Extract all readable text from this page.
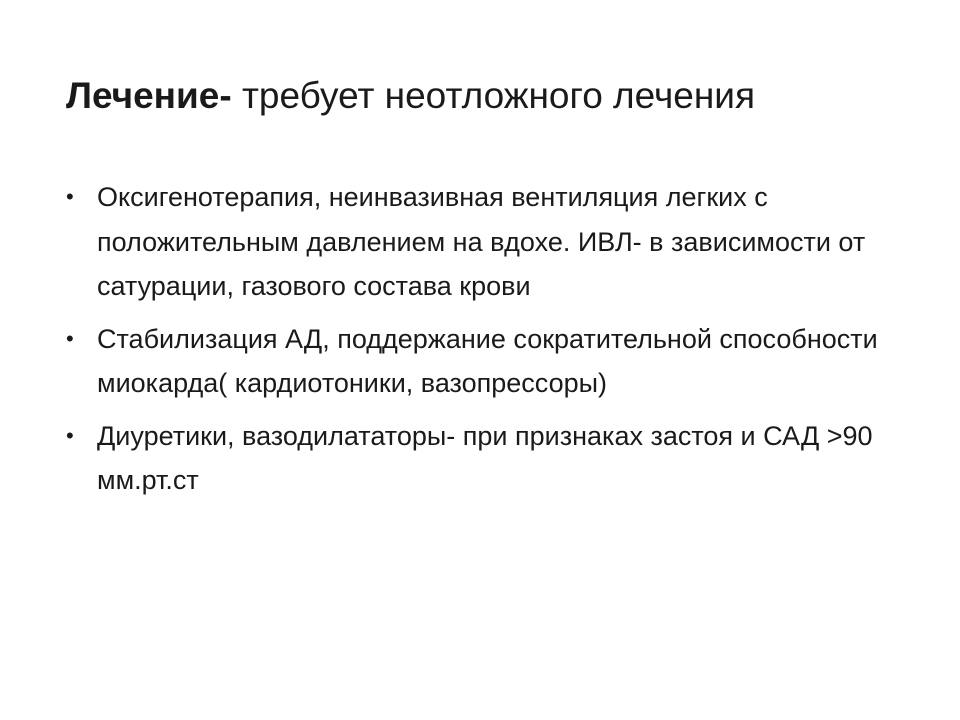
Лечение- требует неотложного лечения
• Оксигенотерапия, неинвазивная вентиляция легких с положительным давлением на вдохе. ИВЛ- в зависимости от сатурации, газового состава крови
• Стабилизация АД, поддержание сократительной способности миокарда( кардиотоники, вазопрессоры)
• Диуретики, вазодилататоры- при признаках застоя и САД >90 мм.рт.ст
